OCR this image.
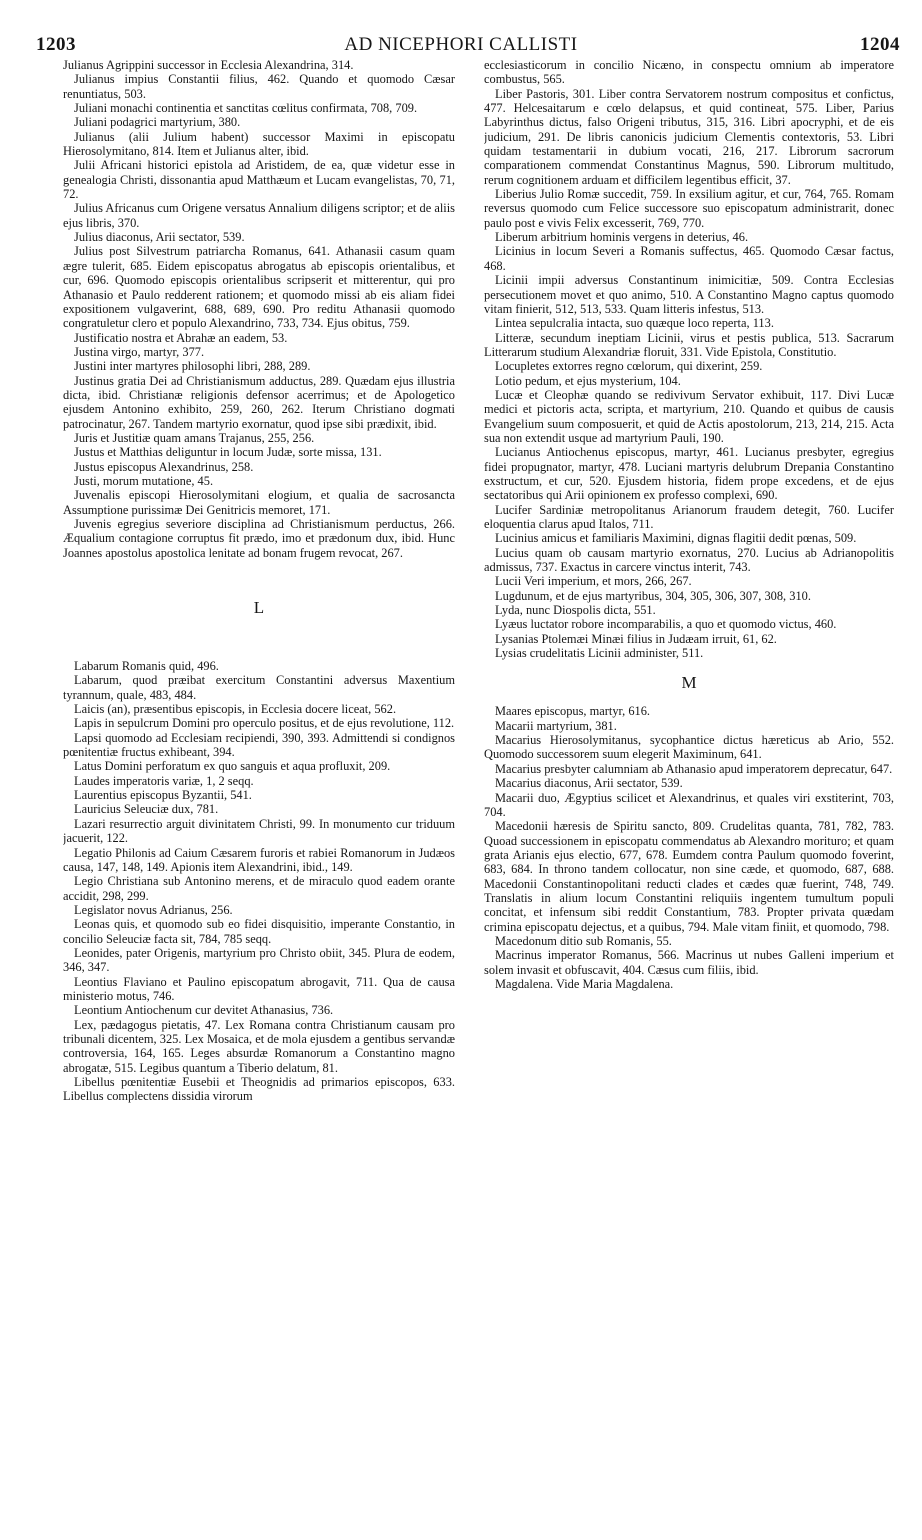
1203	AD NICEPHORI CALLISTI	1204

Julianus Agrippini successor in Ecclesia Alexandrina, 314.

Julianus impius Constantii filius, 462. Quando et quomodo Cæsar renuntiatus, 503.

Juliani monachi continentia et sanctitas cœlitus confirmata, 708, 709.

Juliani podagrici martyrium, 380.

Julianus (alii Julium habent) successor Maximi in episcopatu Hierosolymitano, 814. Item et Julianus alter, ibid.

Julii Africani historici epistola ad Aristidem, de ea, quæ videtur esse in genealogia Christi, dissonantia apud Matthæum et Lucam evangelistas, 70, 71, 72.

Julius Africanus cum Origene versatus Annalium diligens scriptor; et de aliis ejus libris, 370.

Julius diaconus, Arii sectator, 539.

Julius post Silvestrum patriarcha Romanus, 641. Athanasii casum quam ægre tulerit, 685. Eidem episcopatus abrogatus ab episcopis orientalibus, et cur, 696. Quomodo episcopis orientalibus scripserit et mitterentur, qui pro Athanasio et Paulo redderent rationem; et quomodo missi ab eis aliam fidei expositionem vulgaverint, 688, 689, 690. Pro reditu Athanasii quomodo congratuletur clero et populo Alexandrino, 733, 734. Ejus obitus, 759.

Justificatio nostra et Abrahæ an eadem, 53.

Justina virgo, martyr, 377.

Justini inter martyres philosophi libri, 288, 289.

Justinus gratia Dei ad Christianismum adductus, 289. Quædam ejus illustria dicta, ibid. Christianæ religionis defensor acerrimus; et de Apologetico ejusdem Antonino exhibito, 259, 260, 262. Iterum Christiano dogmati patrocinatur, 267. Tandem martyrio exornatur, quod ipse sibi prædixit, ibid.

Juris et Justitiæ quam amans Trajanus, 255, 256.

Justus et Matthias deliguntur in locum Judæ, sorte missa, 131.

Justus episcopus Alexandrinus, 258.

Justi, morum mutatione, 45.

Juvenalis episcopi Hierosolymitani elogium, et qualia de sacrosancta Assumptione purissimæ Dei Genitricis memoret, 171.

Juvenis egregius severiore disciplina ad Christianismum perductus, 266. Æqualium contagione corruptus fit prædo, imo et prædonum dux, ibid. Hunc Joannes apostolus apostolica lenitate ad bonam frugem revocat, 267.

L

Labarum Romanis quid, 496.

Labarum, quod præibat exercitum Constantini adversus Maxentium tyrannum, quale, 483, 484.

Laicis (an), præsentibus episcopis, in Ecclesia docere liceat, 562.

Lapis in sepulcrum Domini pro operculo positus, et de ejus revolutione, 112.

Lapsi quomodo ad Ecclesiam recipiendi, 390, 393. Admittendi si condignos pœnitentiæ fructus exhibeant, 394.

Latus Domini perforatum ex quo sanguis et aqua profluxit, 209.

Laudes imperatoris variæ, 1, 2 seqq.

Laurentius episcopus Byzantii, 541.

Lauricius Seleuciæ dux, 781.

Lazari resurrectio arguit divinitatem Christi, 99. In monumento cur triduum jacuerit, 122.

Legatio Philonis ad Caium Cæsarem furoris et rabiei Romanorum in Judæos causa, 147, 148, 149. Apionis item Alexandrini, ibid., 149.

Legio Christiana sub Antonino merens, et de miraculo quod eadem orante accidit, 298, 299.

Legislator novus Adrianus, 256.

Leonas quis, et quomodo sub eo fidei disquisitio, imperante Constantio, in concilio Seleuciæ facta sit, 784, 785 seqq.

Leonides, pater Origenis, martyrium pro Christo obiit, 345. Plura de eodem, 346, 347.

Leontius Flaviano et Paulino episcopatum abrogavit, 711. Qua de causa ministerio motus, 746.

Leontium Antiochenum cur devitet Athanasius, 736.

Lex, pædagogus pietatis, 47. Lex Romana contra Christianum causam pro tribunali dicentem, 325. Lex Mosaica, et de mola ejusdem a gentibus servandæ controversia, 164, 165. Leges absurdæ Romanorum a Constantino magno abrogatæ, 515. Legibus quantum a Tiberio delatum, 81.

Libellus pœnitentiæ Eusebii et Theognidis ad primarios episcopos, 633. Libellus complectens dissidia virorum

ecclesiasticorum in concilio Nicæno, in conspectu omnium ab imperatore combustus, 565.

Liber Pastoris, 301. Liber contra Servatorem nostrum compositus et confictus, 477. Helcesaitarum e cœlo delapsus, et quid contineat, 575. Liber, Parius Labyrinthus dictus, falso Origeni tributus, 315, 316. Libri apocryphi, et de eis judicium, 291. De libris canonicis judicium Clementis contextoris, 53. Libri quidam testamentarii in dubium vocati, 216, 217. Librorum sacrorum comparationem commendat Constantinus Magnus, 590. Librorum multitudo, rerum cognitionem arduam et difficilem legentibus efficit, 37.

Liberius Julio Romæ succedit, 759. In exsilium agitur, et cur, 764, 765. Romam reversus quomodo cum Felice successore suo episcopatum administrarit, donec paulo post e vivis Felix excesserit, 769, 770.

Liberum arbitrium hominis vergens in deterius, 46.

Licinius in locum Severi a Romanis suffectus, 465. Quomodo Cæsar factus, 468.

Licinii impii adversus Constantinum inimicitiæ, 509. Contra Ecclesias persecutionem movet et quo animo, 510. A Constantino Magno captus quomodo vitam finierit, 512, 513, 533. Quam litteris infestus, 513.

Lintea sepulcralia intacta, suo quæque loco reperta, 113.

Litteræ, secundum ineptiam Licinii, virus et pestis publica, 513. Sacrarum Litterarum studium Alexandriæ floruit, 331. Vide Epistola, Constitutio.

Locupletes extorres regno cœlorum, qui dixerint, 259.

Lotio pedum, et ejus mysterium, 104.

Lucæ et Cleophæ quando se redivivum Servator exhibuit, 117. Divi Lucæ medici et pictoris acta, scripta, et martyrium, 210. Quando et quibus de causis Evangelium suum composuerit, et quid de Actis apostolorum, 213, 214, 215. Acta sua non extendit usque ad martyrium Pauli, 190.

Lucianus Antiochenus episcopus, martyr, 461. Lucianus presbyter, egregius fidei propugnator, martyr, 478. Luciani martyris delubrum Drepania Constantino exstructum, et cur, 520. Ejusdem historia, fidem prope excedens, et de ejus sectatoribus qui Arii opinionem ex professo complexi, 690.

Lucifer Sardiniæ metropolitanus Arianorum fraudem detegit, 760. Lucifer eloquentia clarus apud Italos, 711.

Lucinius amicus et familiaris Maximini, dignas flagitii dedit pœnas, 509.

Lucius quam ob causam martyrio exornatus, 270. Lucius ab Adrianopolitis admissus, 737. Exactus in carcere vinctus interit, 743.

Lucii Veri imperium, et mors, 266, 267.

Lugdunum, et de ejus martyribus, 304, 305, 306, 307, 308, 310.

Lyda, nunc Diospolis dicta, 551.

Lyæus luctator robore incomparabilis, a quo et quomodo victus, 460.

Lysanias Ptolemæi Minæi filius in Judæam irruit, 61, 62.

Lysias crudelitatis Licinii administer, 511.

M

Maares episcopus, martyr, 616.

Macarii martyrium, 381.

Macarius Hierosolymitanus, sycophantice dictus hæreticus ab Ario, 552. Quomodo successorem suum elegerit Maximinum, 641.

Macarius presbyter calumniam ab Athanasio apud imperatorem deprecatur, 647.

Macarius diaconus, Arii sectator, 539.

Macarii duo, Ægyptius scilicet et Alexandrinus, et quales viri exstiterint, 703, 704.

Macedonii hæresis de Spiritu sancto, 809. Crudelitas quanta, 781, 782, 783. Quoad successionem in episcopatu commendatus ab Alexandro morituro; et quam grata Arianis ejus electio, 677, 678. Eumdem contra Paulum quomodo foverint, 683, 684. In throno tandem collocatur, non sine cæde, et quomodo, 687, 688. Macedonii Constantinopolitani reducti clades et cædes quæ fuerint, 748, 749. Translatis in alium locum Constantini reliquiis ingentem tumultum populi concitat, et infensum sibi reddit Constantium, 783. Propter privata quædam crimina episcopatu dejectus, et a quibus, 794. Male vitam finiit, et quomodo, 798.

Macedonum ditio sub Romanis, 55.

Macrinus imperator Romanus, 566. Macrinus ut nubes Galleni imperium et solem invasit et obfuscavit, 404. Cæsus cum filiis, ibid.

Magdalena. Vide Maria Magdalena.
